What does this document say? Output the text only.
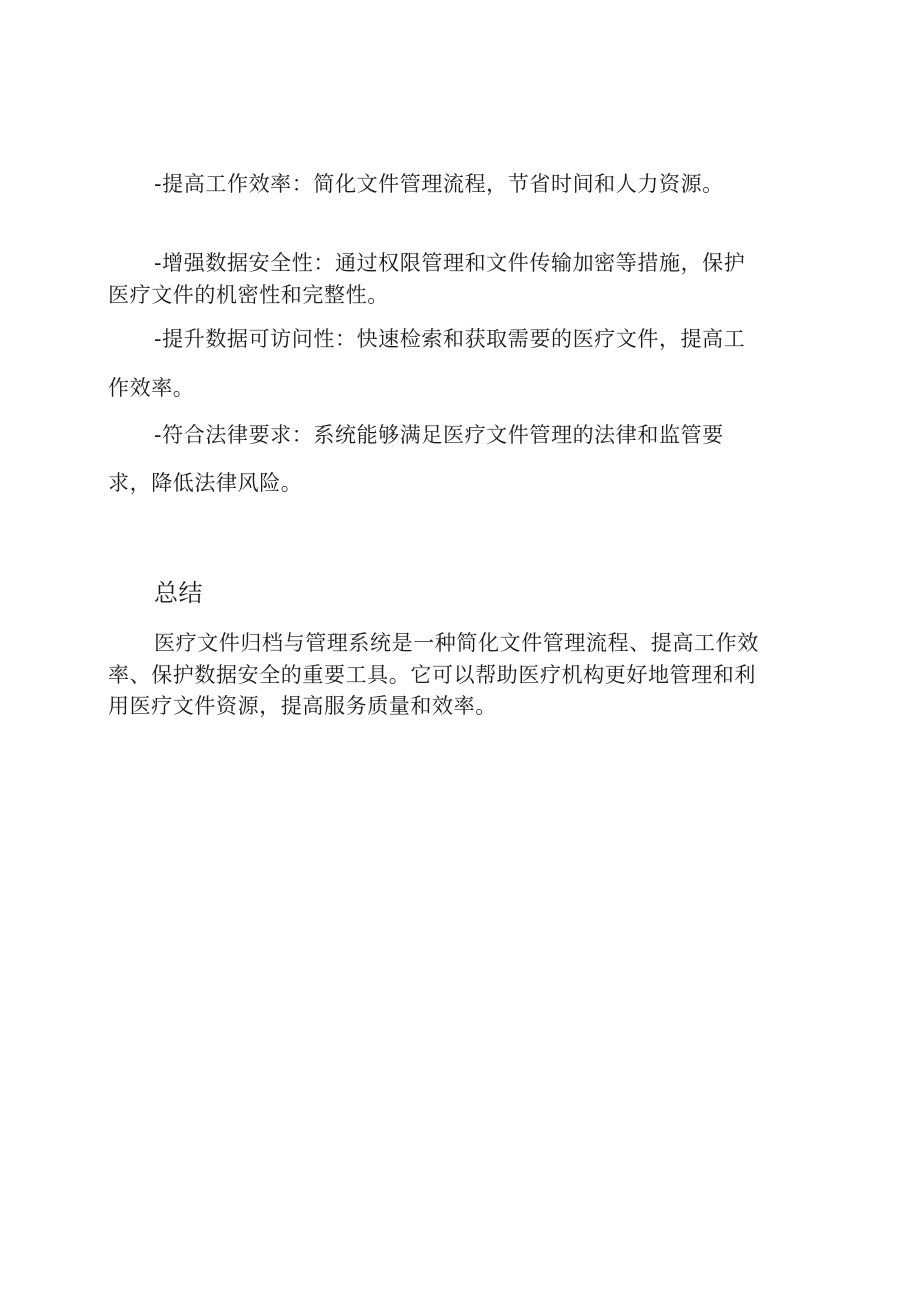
-提高工作效率：简化文件管理流程，节省时间和人力资源。
-增强数据安全性：通过权限管理和文件传输加密等措施，保护
医疗文件的机密性和完整性。
-提升数据可访问性：快速检索和获取需要的医疗文件，提高工
作效率。
-符合法律要求：系统能够满足医疗文件管理的法律和监管要
求，降低法律风险。
总结
医疗文件归档与管理系统是一种简化文件管理流程、提高工作效
率、保护数据安全的重要工具。它可以帮助医疗机构更好地管理和利
用医疗文件资源，提高服务质量和效率。
